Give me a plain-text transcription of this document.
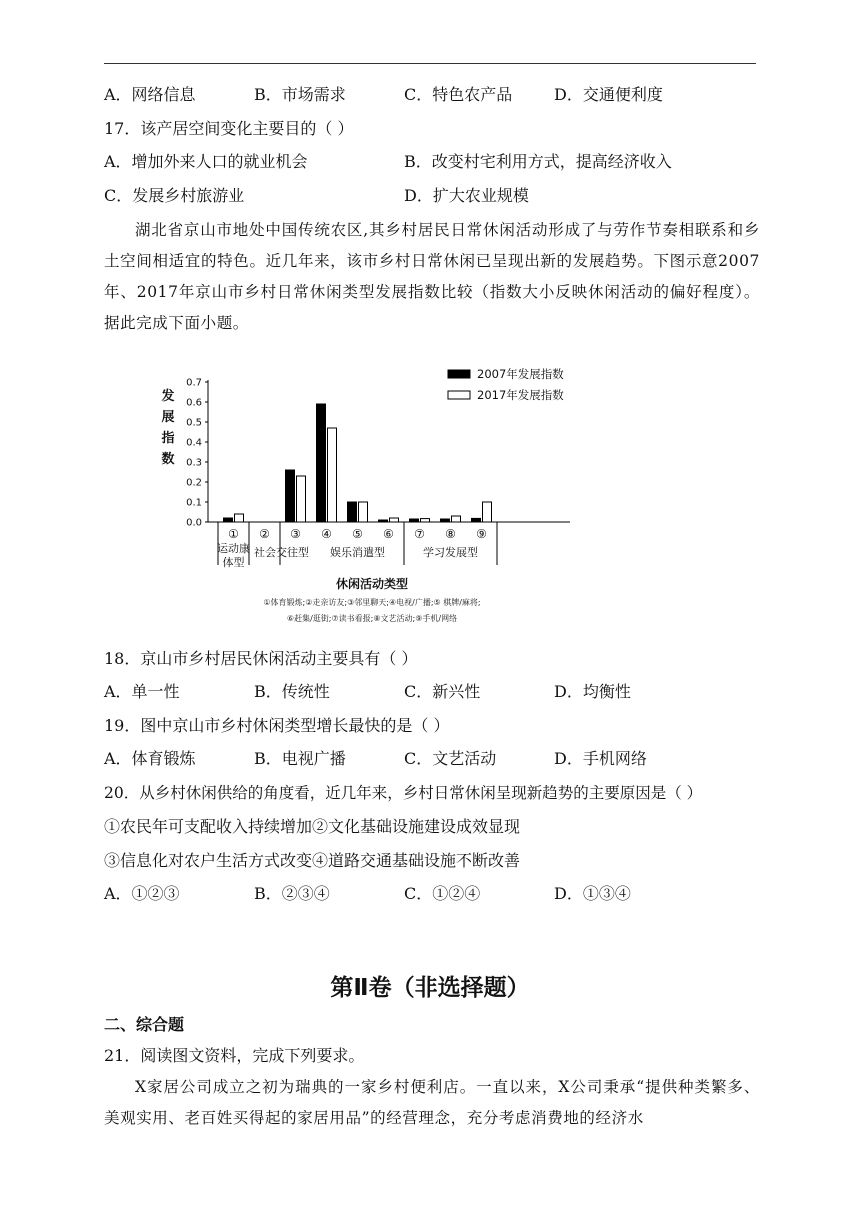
A．网络信息	B．市场需求	C．特色农产品	D．交通便利度
17．该产居空间变化主要目的（ ）
A．增加外来人口的就业机会	B．改变村宅利用方式，提高经济收入
C．发展乡村旅游业	D．扩大农业规模

湖北省京山市地处中国传统农区,其乡村居民日常休闲活动形成了与劳作节奏相联系和乡土空间相适宜的特色。近几年来，该市乡村日常休闲已呈现出新的发展趋势。下图示意2007年、2017年京山市乡村日常休闲类型发展指数比较（指数大小反映休闲活动的偏好程度）。据此完成下面小题。

0.0
0.1
0.2
0.3
0.4
0.5
0.6
0.7
发
展
指
数
① ② ③ ④ ⑤ ⑥ ⑦ ⑧ ⑨
运动康
体型
社会交往型 娱乐消遣型	学习发展型
休闲活动类型
①体育锻炼;②走亲访友;③邻里聊天;④电视/广播;⑤ 棋牌/麻将;
⑥赶集/逛街;⑦读书看报;⑧文艺活动;⑨手机/网络
2007年发展指数
2017年发展指数
18．京山市乡村居民休闲活动主要具有（ ）
A．单一性	B．传统性	C．新兴性	D．均衡性
19．图中京山市乡村休闲类型增长最快的是（ ）
A．体育锻炼	B．电视广播	C．文艺活动	D．手机网络
20．从乡村休闲供给的角度看，近几年来，乡村日常休闲呈现新趋势的主要原因是（ ）
①农民年可支配收入持续增加②文化基础设施建设成效显现
③信息化对农户生活方式改变④道路交通基础设施不断改善
A．①②③	B．②③④	C．①②④	D．①③④
第Ⅱ卷（非选择题）
二、综合题
21．阅读图文资料，完成下列要求。

X家居公司成立之初为瑞典的一家乡村便利店。一直以来，X公司秉承“提供种类繁多、美观实用、老百姓买得起的家居用品”的经营理念，充分考虑消费地的经济水
